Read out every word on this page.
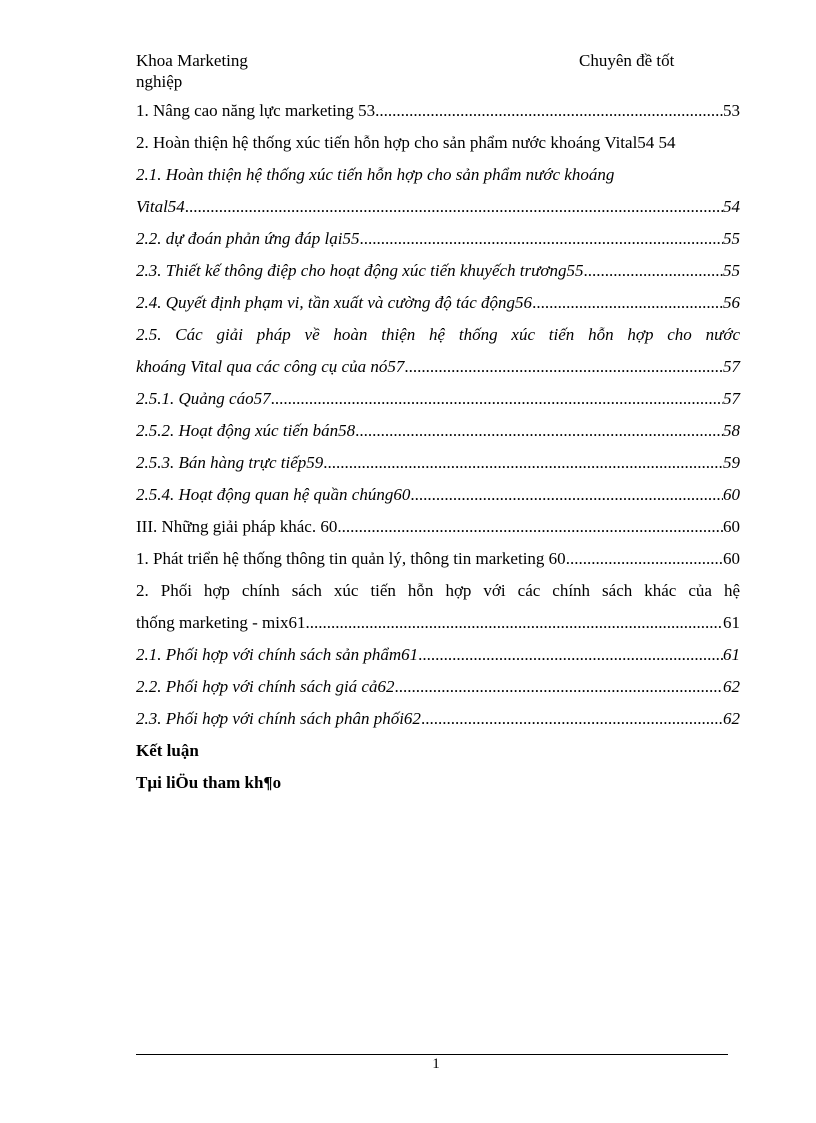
Khoa Marketing
nghiệp
Chuyên đề tốt
1. Nâng cao năng lực marketing 53 .....	53
2. Hoàn thiện hệ thống xúc tiến hỗn hợp cho sản phẩm nước khoáng Vital54 54
2.1. Hoàn thiện hệ thống xúc tiến hỗn hợp cho sản phẩm nước khoáng
Vital54 .....	54
2.2. dự đoán phản ứng đáp lại55 .....	55
2.3. Thiết kế thông điệp cho hoạt động xúc tiến khuyếch trương55 .....	55
2.4. Quyết định phạm vi, tần xuất và cường độ tác động56 .....	56
2.5. Các giải pháp về hoàn thiện hệ thống xúc tiến hỗn hợp cho nước
khoáng Vital qua các công cụ của nó57 .....	57
2.5.1. Quảng cáo57 .....	57
2.5.2. Hoạt động xúc tiến bán58 .....	58
2.5.3. Bán hàng trực tiếp59 .....	59
2.5.4. Hoạt động quan hệ quần chúng60 .....	60
III. Những giải pháp khác. 60 .....	60
1. Phát triển hệ thống thông tin quản lý, thông tin marketing 60 .....	60
2. Phối hợp chính sách xúc tiến hỗn hợp với các chính sách khác của hệ
thống marketing - mix61 .....	61
2.1. Phối hợp với chính sách sản phẩm61 .....	61
2.2. Phối hợp với chính sách giá cả62 .....	62
2.3. Phối hợp với chính sách phân phối62 .....	62
Kết luận
Tµi liÖu tham kh¶o
1
